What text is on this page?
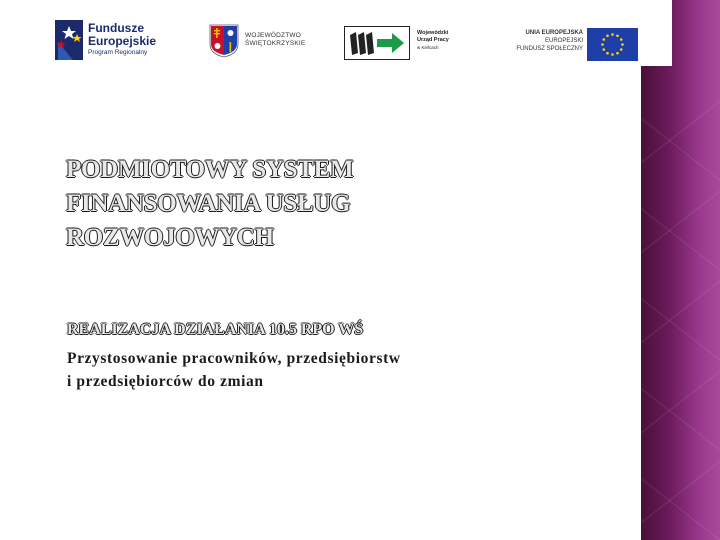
Fundusze
Europejskie
Program Regionalny
WOJEWÓDZTWO
ŚWIĘTOKRZYSKIE
Wojewódzki
Urząd Pracy
w Kielcach
UNIA EUROPEJSKA
EUROPEJSKI
FUNDUSZ SPOŁECZNY
PODMIOTOWY SYSTEM
FINANSOWANIA USŁUG
ROZWOJOWYCH
REALIZACJA DZIAŁANIA 10.5 RPO WŚ
Przystosowanie pracowników, przedsiębiorstw
i przedsiębiorców do zmian
